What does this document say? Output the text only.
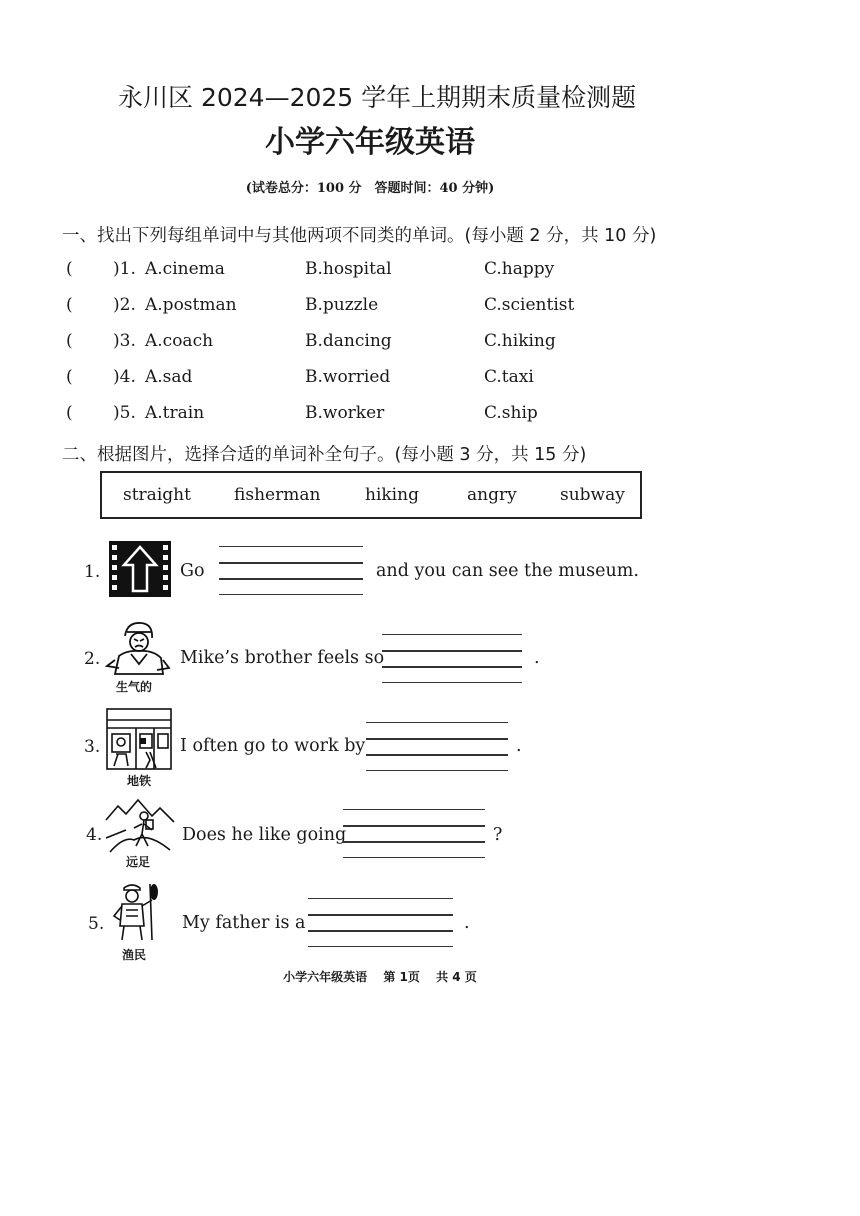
永川区 2024—2025 学年上期期末质量检测题
小学六年级英语
(试卷总分：100 分　答题时间：40 分钟)
一、找出下列每组单词中与其他两项不同类的单词。(每小题 2 分，共 10 分)
( )1. A.cinema	B.hospital	C.happy
( )2. A.postman	B.puzzle	C.scientist
( )3. A.coach	B.dancing	C.hiking
( )4. A.sad	B.worried	C.taxi
( )5. A.train	B.worker	C.ship
二、根据图片，选择合适的单词补全句子。(每小题 3 分，共 15 分)
straight	fisherman	hiking	angry	subway
1.	Go	and you can see the museum.
2.
生气的
Mike’s brother feels so	.
3.
地铁
I often go to work by	.
4.
远足
Does he like going	?
5.
渔民
My father is a	.
小学六年级英语 第 1页 共 4 页
